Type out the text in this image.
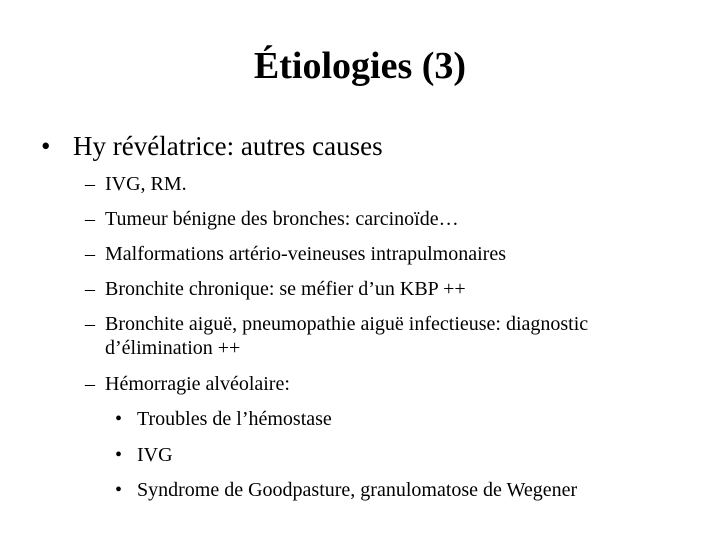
Étiologies (3)
• Hy révélatrice: autres causes
– IVG, RM.
– Tumeur bénigne des bronches: carcinoïde…
– Malformations artério-veineuses intrapulmonaires
– Bronchite chronique: se méfier d’un KBP ++
– Bronchite aiguë, pneumopathie aiguë infectieuse: diagnostic d’élimination ++
– Hémorragie alvéolaire:
• Troubles de l’hémostase
• IVG
• Syndrome de Goodpasture, granulomatose de Wegener
